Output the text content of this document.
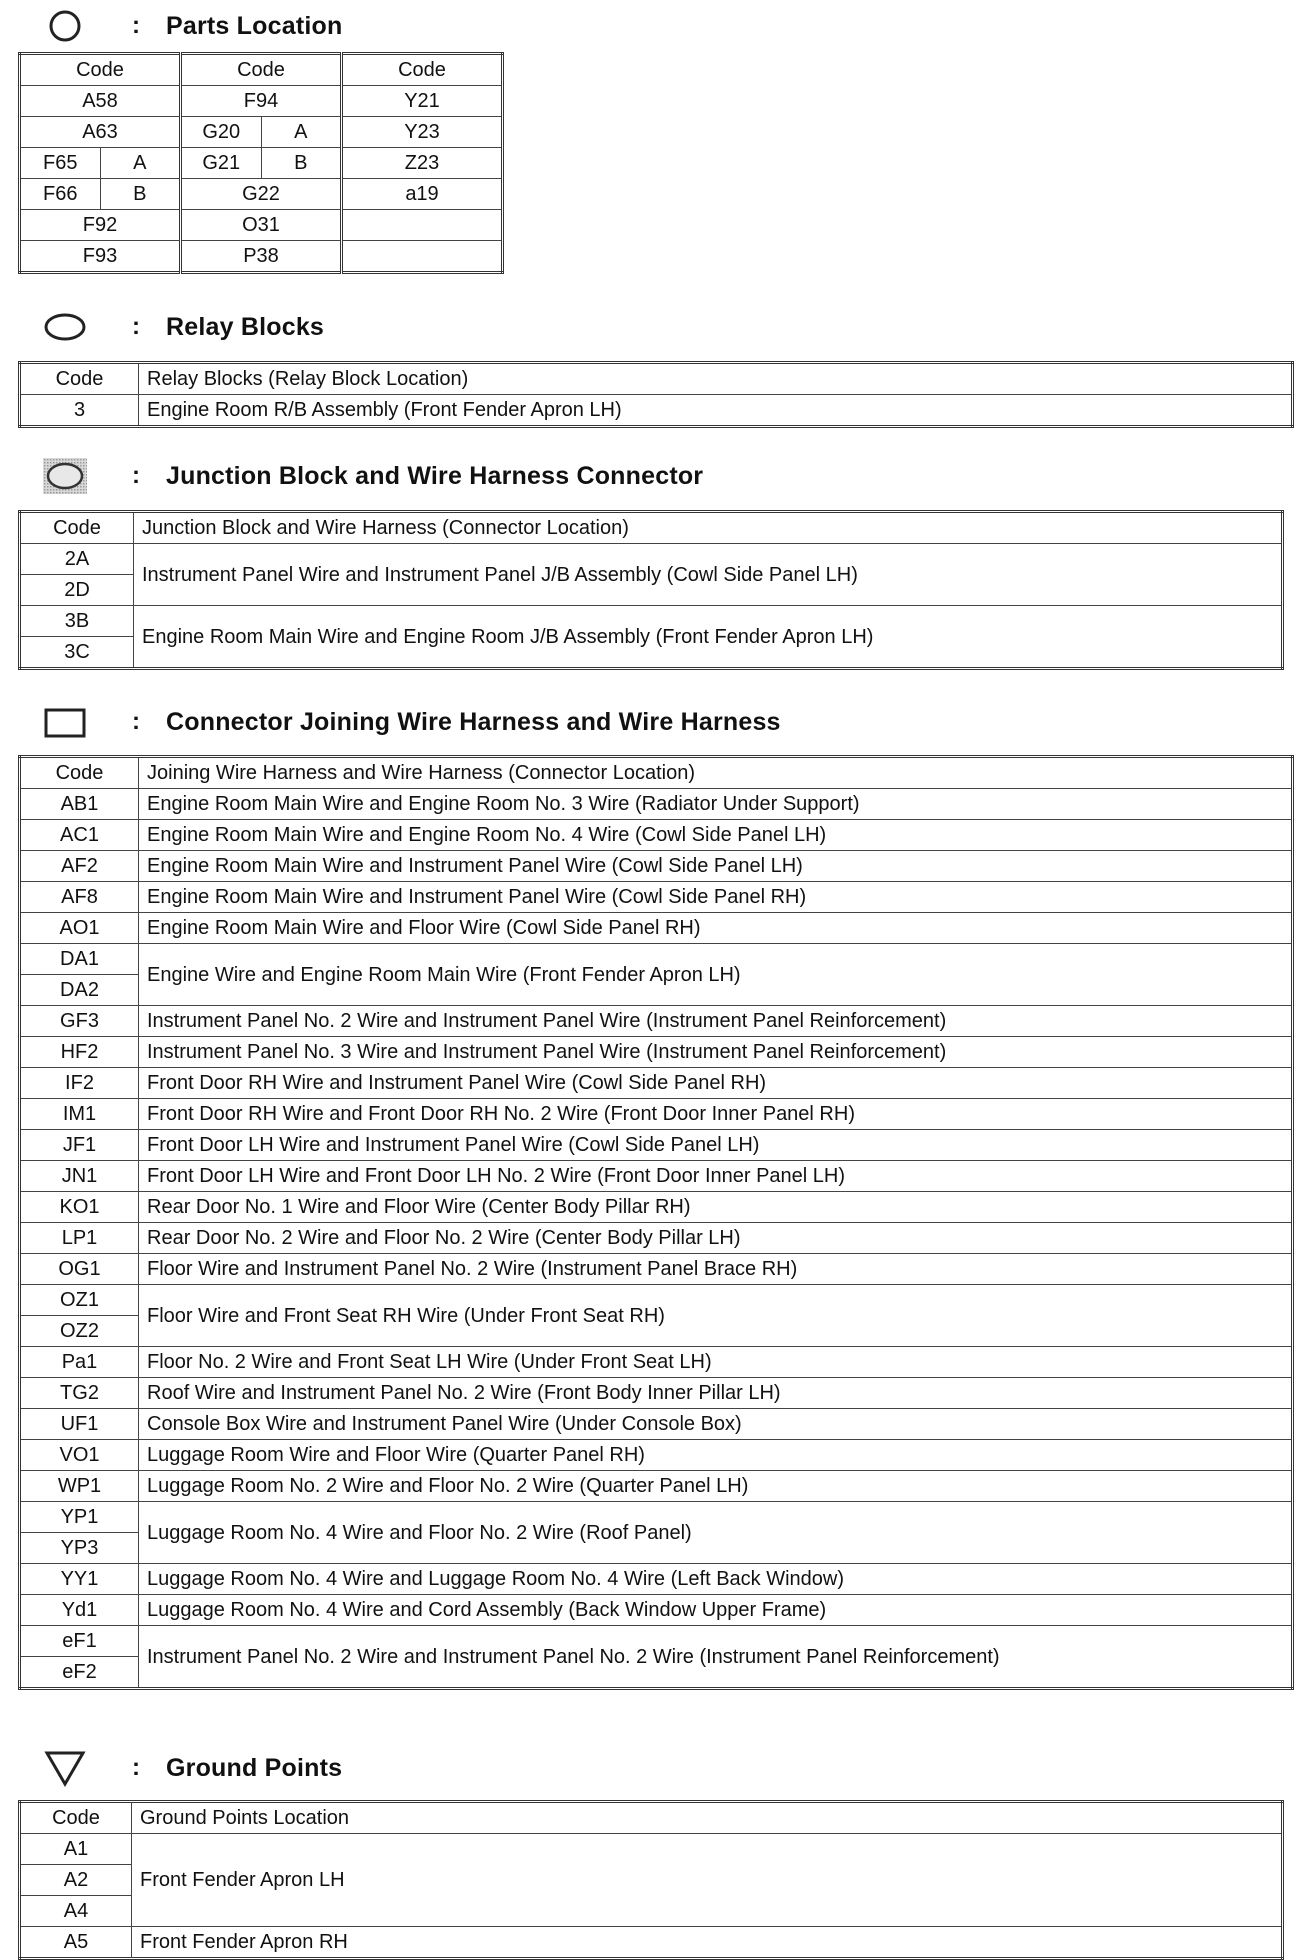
: Parts Location
Code		Code		Code
A58		F94		Y21
A63		G20	A	Y23
F65	A	G21	B	Z23
F66	B	G22		a19
F92		O31		
F93		P38		
: Relay Blocks
Code	Relay Blocks (Relay Block Location)
3	Engine Room R/B Assembly (Front Fender Apron LH)
: Junction Block and Wire Harness Connector
Code	Junction Block and Wire Harness (Connector Location)
2A	Instrument Panel Wire and Instrument Panel J/B Assembly (Cowl Side Panel LH)
2D	
3B	Engine Room Main Wire and Engine Room J/B Assembly (Front Fender Apron LH)
3C	
: Connector Joining Wire Harness and Wire Harness
Code	Joining Wire Harness and Wire Harness (Connector Location)
AB1	Engine Room Main Wire and Engine Room No. 3 Wire (Radiator Under Support)
AC1	Engine Room Main Wire and Engine Room No. 4 Wire (Cowl Side Panel LH)
AF2	Engine Room Main Wire and Instrument Panel Wire (Cowl Side Panel LH)
AF8	Engine Room Main Wire and Instrument Panel Wire (Cowl Side Panel RH)
AO1	Engine Room Main Wire and Floor Wire (Cowl Side Panel RH)
DA1	Engine Wire and Engine Room Main Wire (Front Fender Apron LH)
DA2	
GF3	Instrument Panel No. 2 Wire and Instrument Panel Wire (Instrument Panel Reinforcement)
HF2	Instrument Panel No. 3 Wire and Instrument Panel Wire (Instrument Panel Reinforcement)
IF2	Front Door RH Wire and Instrument Panel Wire (Cowl Side Panel RH)
IM1	Front Door RH Wire and Front Door RH No. 2 Wire (Front Door Inner Panel RH)
JF1	Front Door LH Wire and Instrument Panel Wire (Cowl Side Panel LH)
JN1	Front Door LH Wire and Front Door LH No. 2 Wire (Front Door Inner Panel LH)
KO1	Rear Door No. 1 Wire and Floor Wire (Center Body Pillar RH)
LP1	Rear Door No. 2 Wire and Floor No. 2 Wire (Center Body Pillar LH)
OG1	Floor Wire and Instrument Panel No. 2 Wire (Instrument Panel Brace RH)
OZ1	Floor Wire and Front Seat RH Wire (Under Front Seat RH)
OZ2	
Pa1	Floor No. 2 Wire and Front Seat LH Wire (Under Front Seat LH)
TG2	Roof Wire and Instrument Panel No. 2 Wire (Front Body Inner Pillar LH)
UF1	Console Box Wire and Instrument Panel Wire (Under Console Box)
VO1	Luggage Room Wire and Floor Wire (Quarter Panel RH)
WP1	Luggage Room No. 2 Wire and Floor No. 2 Wire (Quarter Panel LH)
YP1	Luggage Room No. 4 Wire and Floor No. 2 Wire (Roof Panel)
YP3	
YY1	Luggage Room No. 4 Wire and Luggage Room No. 4 Wire (Left Back Window)
Yd1	Luggage Room No. 4 Wire and Cord Assembly (Back Window Upper Frame)
eF1	Instrument Panel No. 2 Wire and Instrument Panel No. 2 Wire (Instrument Panel Reinforcement)
eF2	
: Ground Points
Code	Ground Points Location
A1	Front Fender Apron LH
A2	
A4	
A5	Front Fender Apron RH
